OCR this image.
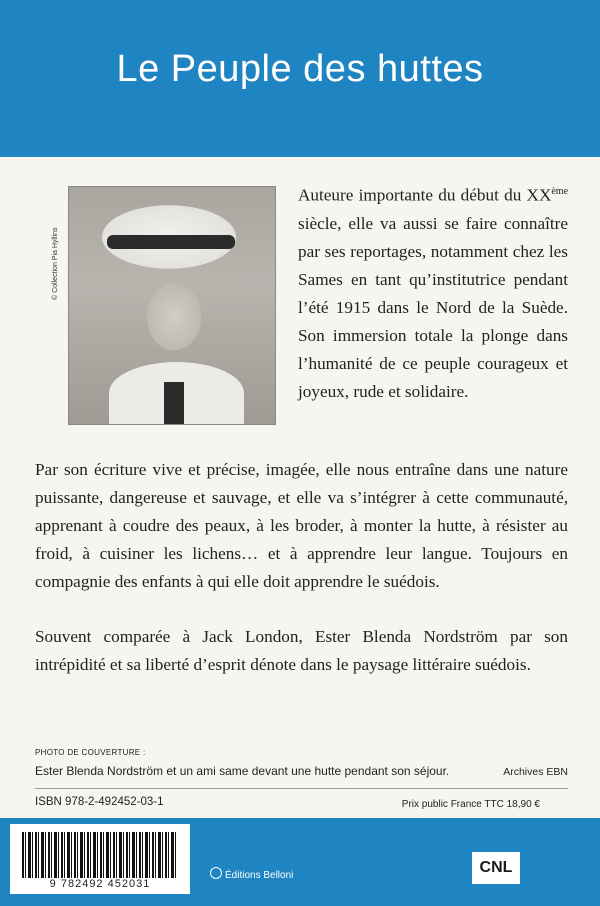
Le Peuple des huttes
© Collection Pia Hyllins
Auteure importante du début du XXème siècle, elle va aussi se faire connaître par ses reportages, notamment chez les Sames en tant qu’institutrice pendant l’été 1915 dans le Nord de la Suède. Son immersion totale la plonge dans l’humanité de ce peuple courageux et joyeux, rude et solidaire.
Par son écriture vive et précise, imagée, elle nous entraîne dans une nature puissante, dangereuse et sauvage, et elle va s’intégrer à cette communauté, apprenant à coudre des peaux, à les broder, à monter la hutte, à résister au froid, à cuisiner les lichens… et à apprendre leur langue. Toujours en compagnie des enfants à qui elle doit apprendre le suédois.
Souvent comparée à Jack London, Ester Blenda Nordström par son intrépidité et sa liberté d’esprit dénote dans le paysage littéraire suédois.
PHOTO DE COUVERTURE :
Ester Blenda Nordström et un ami same devant une hutte pendant son séjour.	Archives EBN
ISBN 978-2-492452-03-1	Prix public France TTC 18,90 €
9 782492 452031
Éditions Belloni	CNL
